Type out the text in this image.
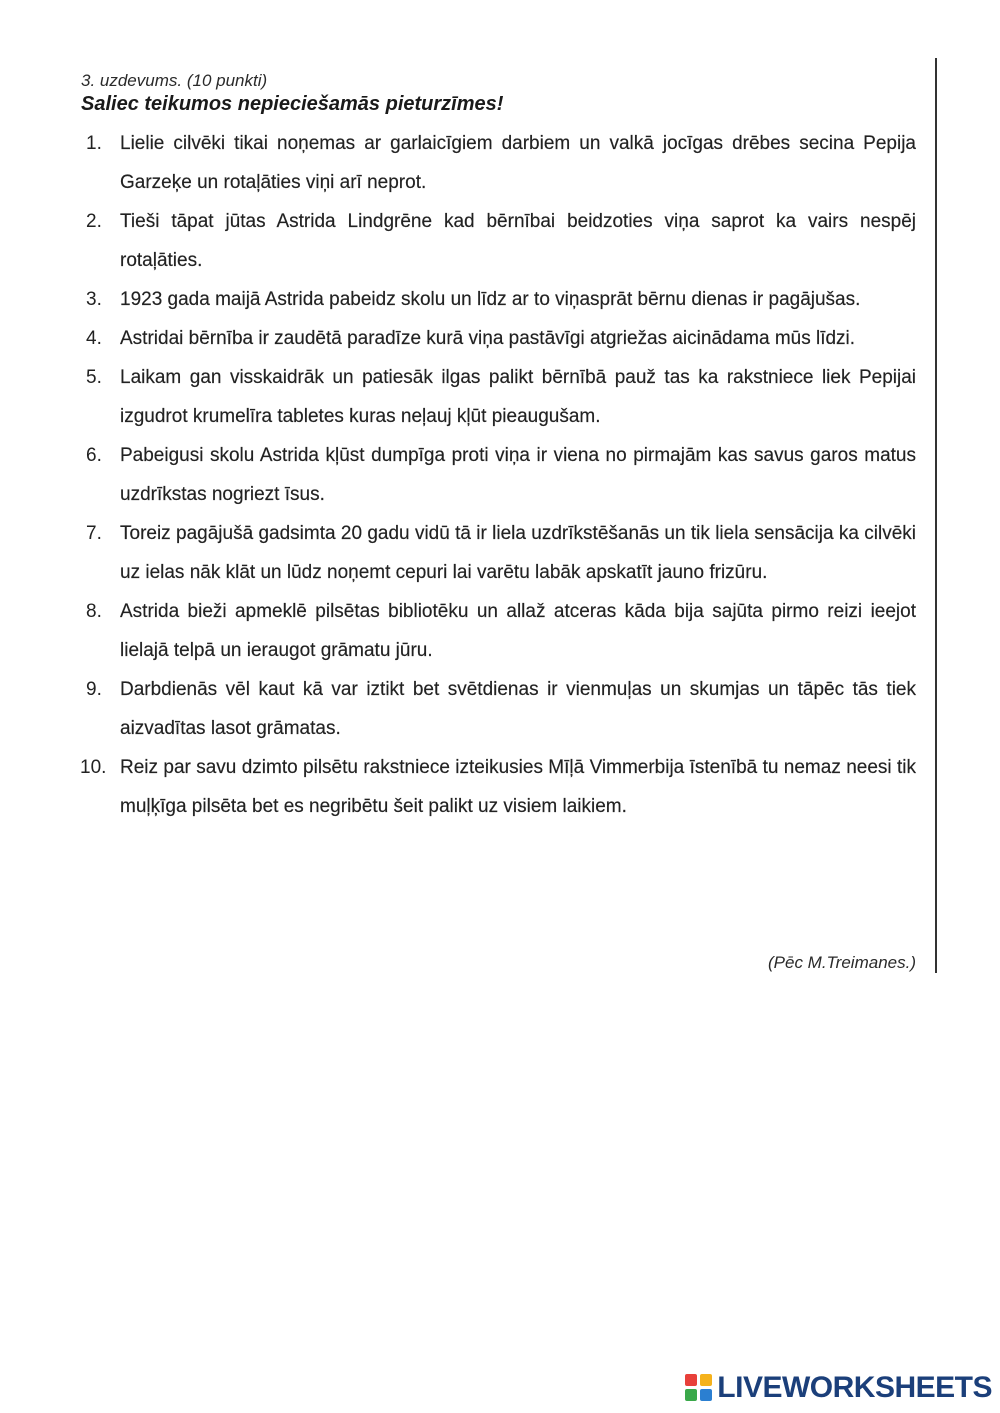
3. uzdevums. (10 punkti)
Saliec teikumos nepieciešamās pieturzīmes!
1. Lielie cilvēki tikai noņemas ar garlaicīgiem darbiem un valkā jocīgas drēbes secina Pepija Garzeķe un rotaļāties viņi arī neprot.
2. Tieši tāpat jūtas Astrida Lindgrēne kad bērnībai beidzoties viņa saprot ka vairs nespēj rotaļāties.
3. 1923 gada maijā Astrida pabeidz skolu un līdz ar to viņasprāt bērnu dienas ir pagājušas.
4. Astridai bērnība ir zaudētā paradīze kurā viņa pastāvīgi atgriežas aicinādama mūs līdzi.
5. Laikam gan visskaidrāk un patiesāk ilgas palikt bērnībā pauž tas ka rakstniece liek Pepijai izgudrot krumelīra tabletes kuras neļauj kļūt pieaugušam.
6. Pabeigusi skolu Astrida kļūst dumpīga proti viņa ir viena no pirmajām kas savus garos matus uzdrīkstas nogriezt īsus.
7. Toreiz pagājušā gadsimta 20 gadu vidū tā ir liela uzdrīkstēšanās un tik liela sensācija ka cilvēki uz ielas nāk klāt un lūdz noņemt cepuri lai varētu labāk apskatīt jauno frizūru.
8. Astrida bieži apmeklē pilsētas bibliotēku un allaž atceras kāda bija sajūta pirmo reizi ieejot lielajā telpā un ieraugot grāmatu jūru.
9. Darbdienās vēl kaut kā var iztikt bet svētdienas ir vienmuļas un skumjas un tāpēc tās tiek aizvadītas lasot grāmatas.
10. Reiz par savu dzimto pilsētu rakstniece izteikusies Mīļā Vimmerbija īstenībā tu nemaz neesi tik muļķīga pilsēta bet es negribētu šeit palikt uz visiem laikiem.
(Pēc M.Treimanes.)
LIVEWORKSHEETS
